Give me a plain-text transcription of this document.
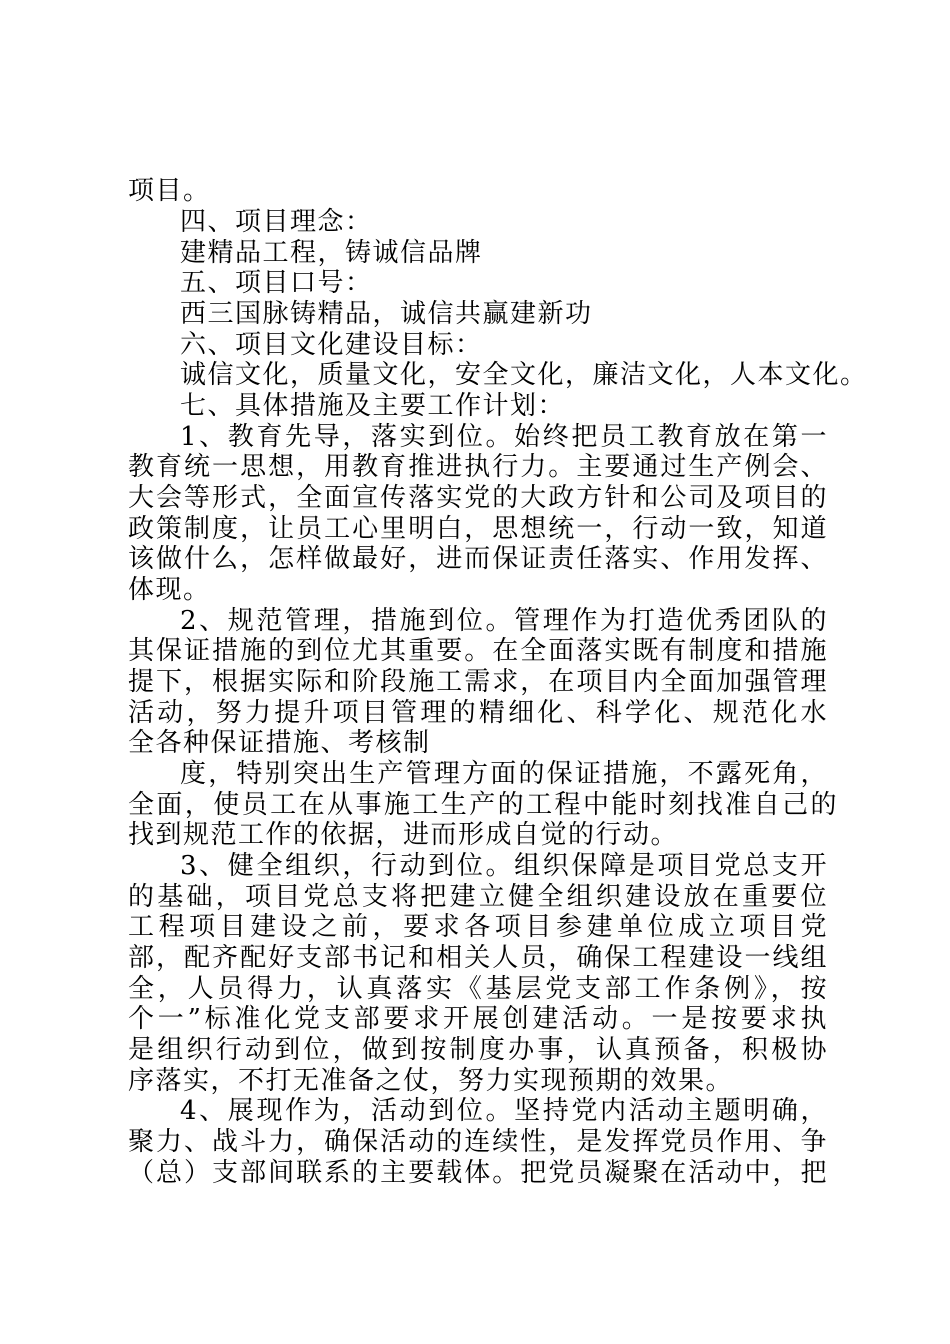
项目。
四、项目理念：
建精品工程，铸诚信品牌
五、项目口号：
西三国脉铸精品，诚信共赢建新功
六、项目文化建设目标：
诚信文化，质量文化，安全文化，廉洁文化，人本文化。
七、具体措施及主要工作计划：
1、教育先导，落实到位。始终把员工教育放在第一
教育统一思想，用教育推进执行力。主要通过生产例会、
大会等形式，全面宣传落实党的大政方针和公司及项目的
政策制度，让员工心里明白，思想统一，行动一致，知道
该做什么，怎样做最好，进而保证责任落实、作用发挥、
体现。
2、规范管理，措施到位。管理作为打造优秀团队的
其保证措施的到位尤其重要。在全面落实既有制度和措施
提下，根据实际和阶段施工需求，在项目内全面加强管理
活动，努力提升项目管理的精细化、科学化、规范化水
全各种保证措施、考核制
度，特别突出生产管理方面的保证措施，不露死角，
全面，使员工在从事施工生产的工程中能时刻找准自己的
找到规范工作的依据，进而形成自觉的行动。
3、健全组织，行动到位。组织保障是项目党总支开
的基础，项目党总支将把建立健全组织建设放在重要位
工程项目建设之前，要求各项目参建单位成立项目党
部，配齐配好支部书记和相关人员，确保工程建设一线组
全，人员得力，认真落实《基层党支部工作条例》，按
个一”标准化党支部要求开展创建活动。一是按要求执
是组织行动到位，做到按制度办事，认真预备，积极协
序落实，不打无准备之仗，努力实现预期的效果。
4、展现作为，活动到位。坚持党内活动主题明确，
聚力、战斗力，确保活动的连续性，是发挥党员作用、争
（总）支部间联系的主要载体。把党员凝聚在活动中，把
